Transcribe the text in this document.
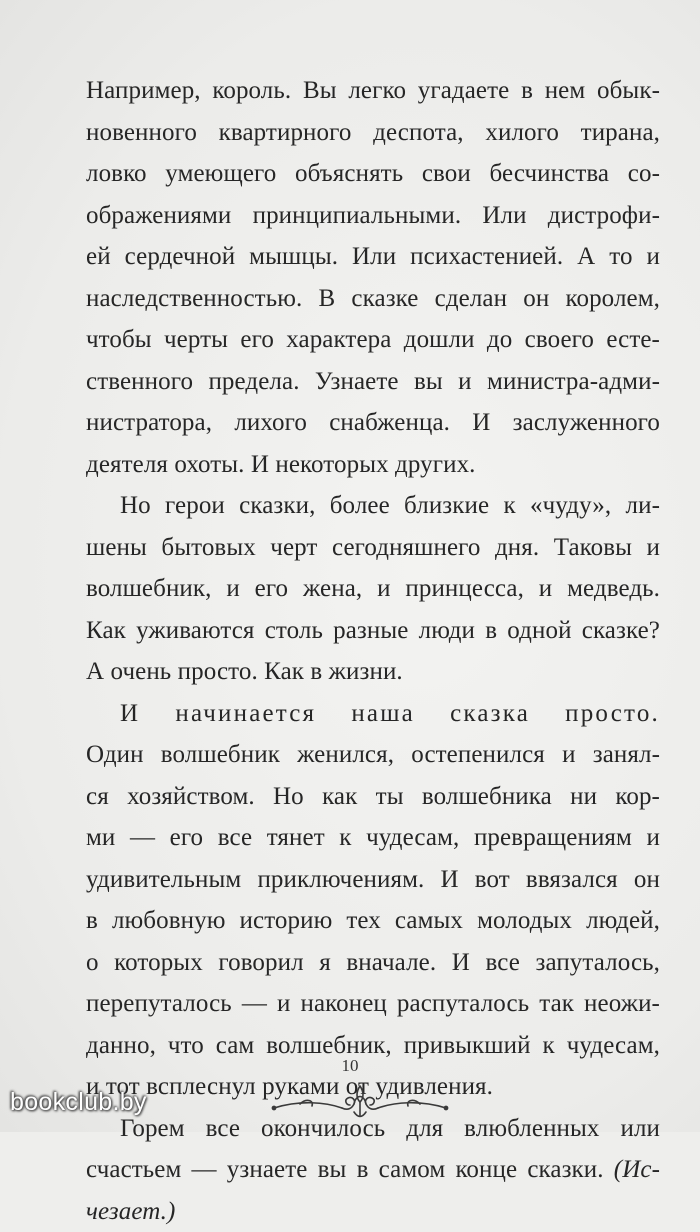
Например, король. Вы легко угадаете в нем обык-
новенного квартирного деспота, хилого тирана,
ловко умеющего объяснять свои бесчинства со-
ображениями принципиальными. Или дистрофи-
ей сердечной мышцы. Или психастенией. А то и
наследственностью. В сказке сделан он королем,
чтобы черты его характера дошли до своего есте-
ственного предела. Узнаете вы и министра-адми-
нистратора, лихого снабженца. И заслуженного
деятеля охоты. И некоторых других.
Но герои сказки, более близкие к «чуду», ли-
шены бытовых черт сегодняшнего дня. Таковы и
волшебник, и его жена, и принцесса, и медведь.
Как уживаются столь разные люди в одной сказке?
А очень просто. Как в жизни.
И начинается наша сказка просто.
Один волшебник женился, остепенился и занял-
ся хозяйством. Но как ты волшебника ни кор-
ми — его все тянет к чудесам, превращениям и
удивительным приключениям. И вот ввязался он
в любовную историю тех самых молодых людей,
о которых говорил я вначале. И все запуталось,
перепуталось — и наконец распуталось так неожи-
данно, что сам волшебник, привыкший к чудесам,
и тот всплеснул руками от удивления.
Горем все окончилось для влюбленных или
счастьем — узнаете вы в самом конце сказки. (Ис-
чезает.)
10
bookclub.by
